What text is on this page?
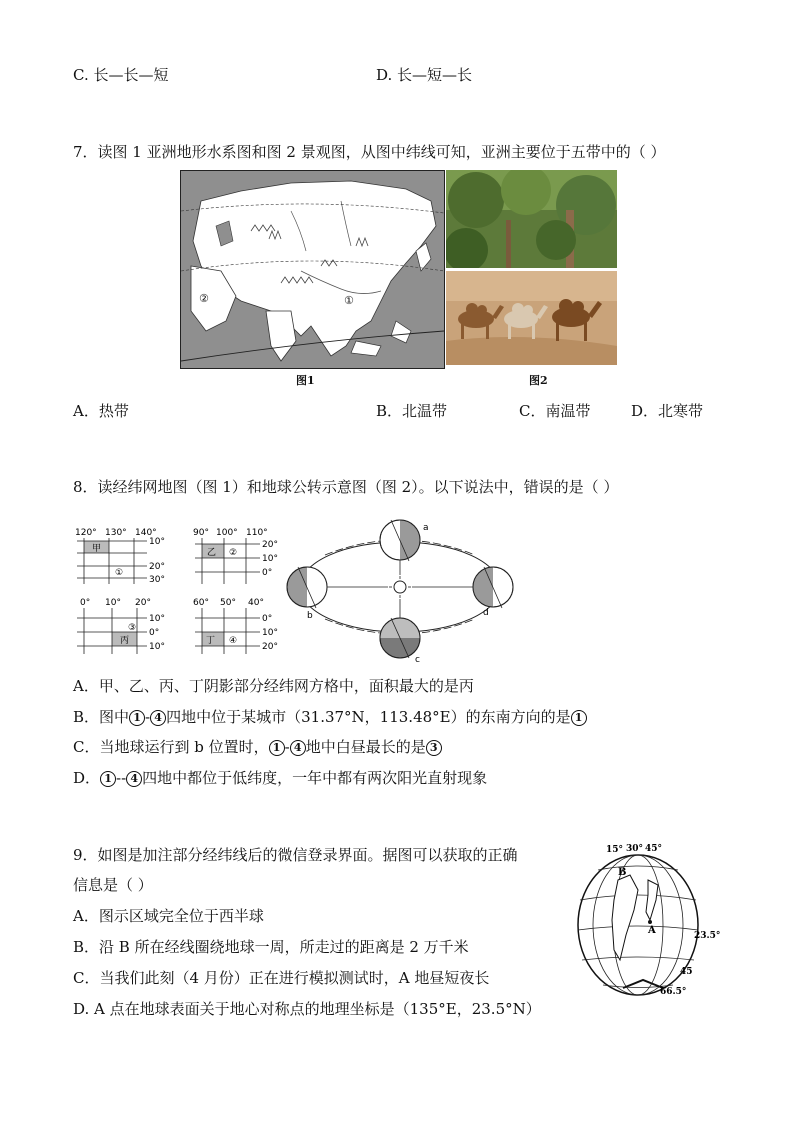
C. 长—长—短	D. 长—短—长
7．读图 1 亚洲地形水系图和图 2 景观图，从图中纬线可知，亚洲主要位于五带中的（ ）
②	①
图1	图2
A．热带	B．北温带	C．南温带	D．北寒带
8．读经纬网地图（图 1）和地球公转示意图（图 2）。以下说法中，错误的是（ ）
120° 130° 140°
甲
①
10°
20°
30°
90° 100° 110°
乙 ②
20°
10°
0°
0° 10° 20°
③
丙
10°
0°
10°
60° 50° 40°
丁 ④
0°
10°
20°
a
b
c
d
A．甲、乙、丙、丁阴影部分经纬网方格中，面积最大的是丙
B．图中 1 - 4 四地中位于某城市（31.37°N，113.48°E）的东南方向的是 1
C．当地球运行到 b 位置时， 1 - 4 地中白昼最长的是 3
D． 1 -- 4 四地中都位于低纬度，一年中都有两次阳光直射现象
9．如图是加注部分经纬线后的微信登录界面。据图可以获取的正确
信息是（ ）
A．图示区域完全位于西半球
B．沿 B 所在经线圈绕地球一周，所走过的距离是 2 万千米
C．当我们此刻（4 月份）正在进行模拟测试时，A 地昼短夜长
D. A 点在地球表面关于地心对称点的地理坐标是（135°E，23.5°N）
15° 30° 45°
B
A	23.5°
45
66.5°
